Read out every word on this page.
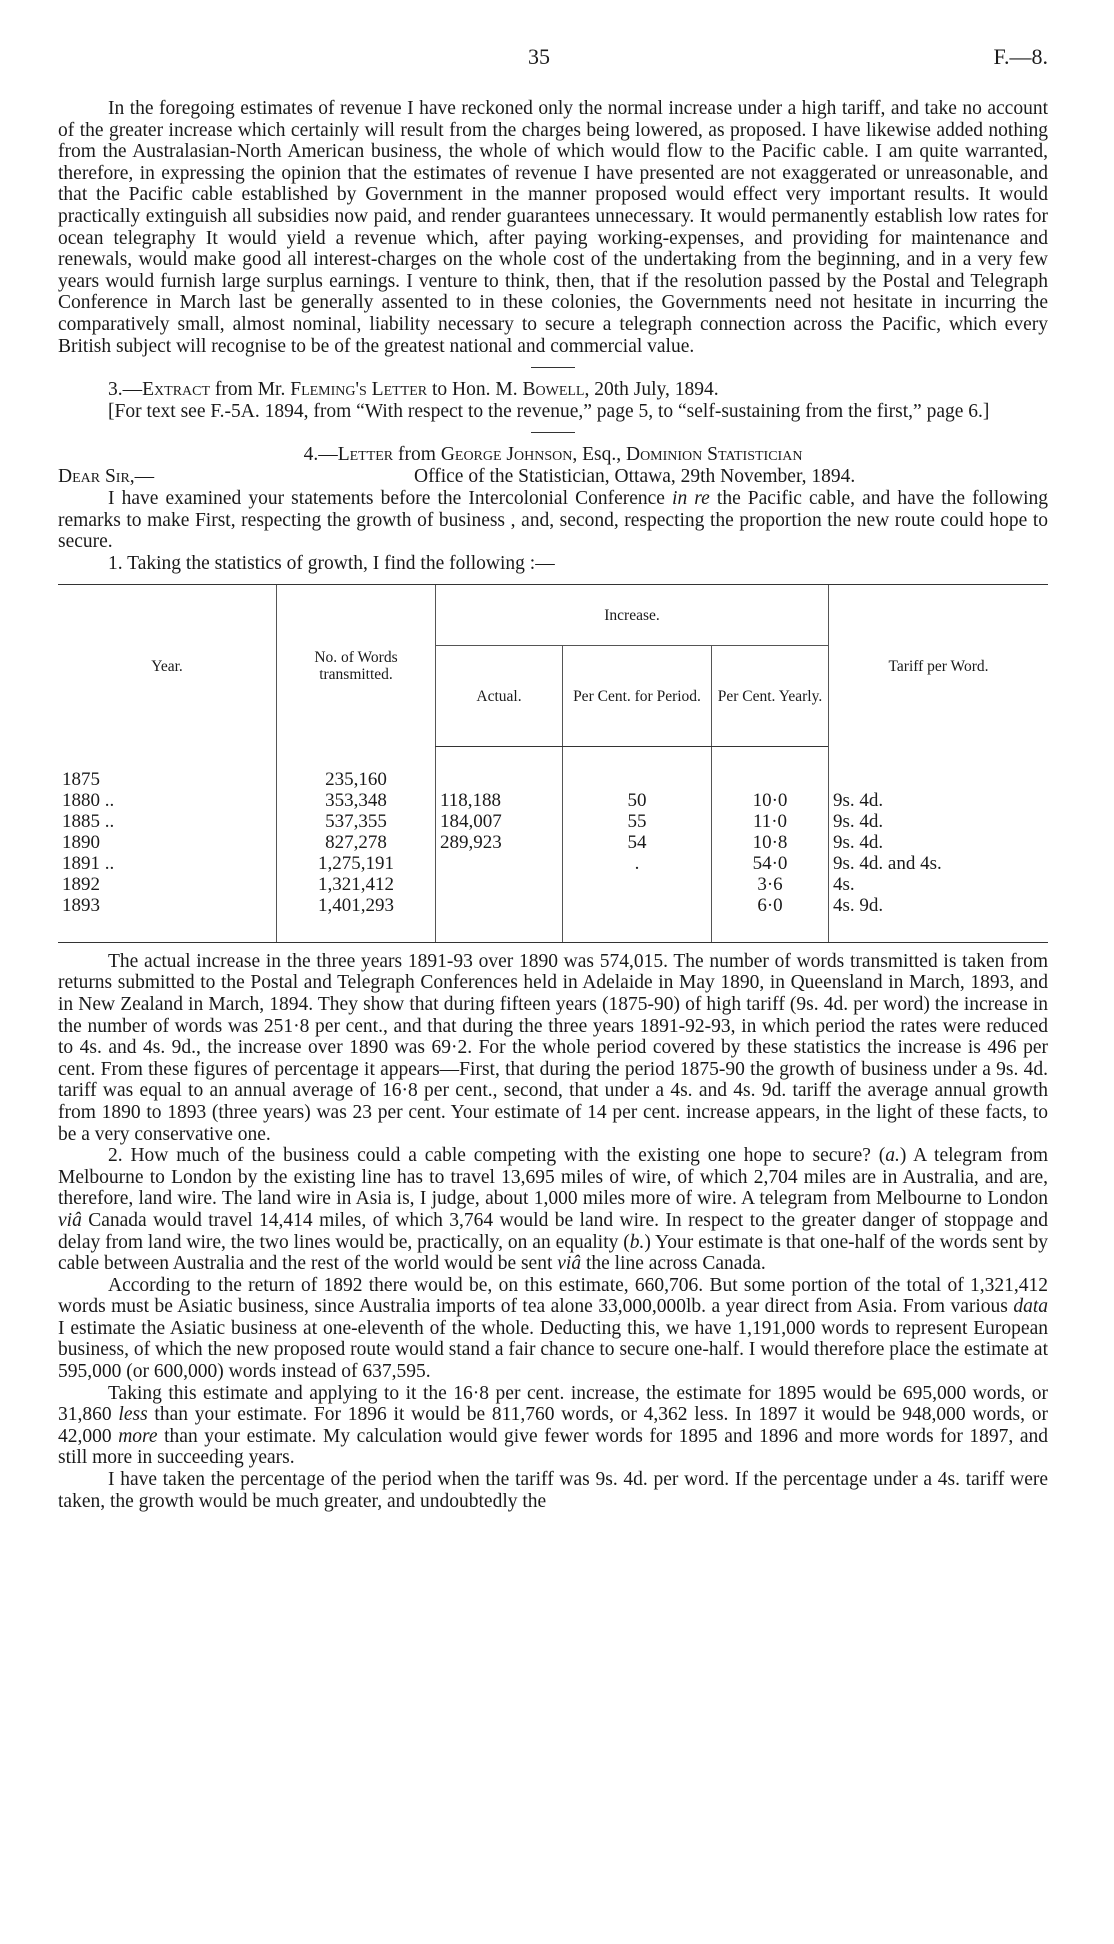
35	F.—8.

In the foregoing estimates of revenue I have reckoned only the normal increase under a high tariff, and take no account of the greater increase which certainly will result from the charges being lowered, as proposed. I have likewise added nothing from the Australasian-North American business, the whole of which would flow to the Pacific cable. I am quite warranted, therefore, in expressing the opinion that the estimates of revenue I have presented are not exaggerated or unreasonable, and that the Pacific cable established by Government in the manner proposed would effect very important results. It would practically extinguish all subsidies now paid, and render guarantees unnecessary. It would permanently establish low rates for ocean telegraphy It would yield a revenue which, after paying working-expenses, and providing for maintenance and renewals, would make good all interest-charges on the whole cost of the undertaking from the beginning, and in a very few years would furnish large surplus earnings. I venture to think, then, that if the resolution passed by the Postal and Telegraph Conference in March last be generally assented to in these colonies, the Governments need not hesitate in incurring the comparatively small, almost nominal, liability necessary to secure a telegraph connection across the Pacific, which every British subject will recognise to be of the greatest national and commercial value.

3.—Extract from Mr. Fleming's Letter to Hon. M. Bowell, 20th July, 1894.

[For text see F.-5A. 1894, from “With respect to the revenue,” page 5, to “self-sustaining from the first,” page 6.]

4.—Letter from George Johnson, Esq., Dominion Statistician

Dear Sir,—	Office of the Statistician, Ottawa, 29th November, 1894.

I have examined your statements before the Intercolonial Conference in re the Pacific cable, and have the following remarks to make First, respecting the growth of business , and, second, respecting the proportion the new route could hope to secure.

1. Taking the statistics of growth, I find the following :—

Year.	No. of Words transmitted.	Increase.			Tariff per Word.
		Actual.	Per Cent. for Period.	Per Cent. Yearly.	
1875	235,160				
1880 ..	353,348	118,188	50	10·0	9s. 4d.
1885 ..	537,355	184,007	55	11·0	9s. 4d.
1890	827,278	289,923	54	10·8	9s. 4d.
1891 ..	1,275,191		.	54·0	9s. 4d. and 4s.
1892	1,321,412			3·6	4s.
1893	1,401,293			6·0	4s. 9d.

The actual increase in the three years 1891-93 over 1890 was 574,015. The number of words transmitted is taken from returns submitted to the Postal and Telegraph Conferences held in Adelaide in May 1890, in Queensland in March, 1893, and in New Zealand in March, 1894. They show that during fifteen years (1875-90) of high tariff (9s. 4d. per word) the increase in the number of words was 251·8 per cent., and that during the three years 1891-92-93, in which period the rates were reduced to 4s. and 4s. 9d., the increase over 1890 was 69·2. For the whole period covered by these statistics the increase is 496 per cent. From these figures of percentage it appears—First, that during the period 1875-90 the growth of business under a 9s. 4d. tariff was equal to an annual average of 16·8 per cent., second, that under a 4s. and 4s. 9d. tariff the average annual growth from 1890 to 1893 (three years) was 23 per cent. Your estimate of 14 per cent. increase appears, in the light of these facts, to be a very conservative one.

2. How much of the business could a cable competing with the existing one hope to secure? (a.) A telegram from Melbourne to London by the existing line has to travel 13,695 miles of wire, of which 2,704 miles are in Australia, and are, therefore, land wire. The land wire in Asia is, I judge, about 1,000 miles more of wire. A telegram from Melbourne to London viâ Canada would travel 14,414 miles, of which 3,764 would be land wire. In respect to the greater danger of stoppage and delay from land wire, the two lines would be, practically, on an equality (b.) Your estimate is that one-half of the words sent by cable between Australia and the rest of the world would be sent viâ the line across Canada.

According to the return of 1892 there would be, on this estimate, 660,706. But some portion of the total of 1,321,412 words must be Asiatic business, since Australia imports of tea alone 33,000,000lb. a year direct from Asia. From various data I estimate the Asiatic business at one-eleventh of the whole. Deducting this, we have 1,191,000 words to represent European business, of which the new proposed route would stand a fair chance to secure one-half. I would therefore place the estimate at 595,000 (or 600,000) words instead of 637,595.

Taking this estimate and applying to it the 16·8 per cent. increase, the estimate for 1895 would be 695,000 words, or 31,860 less than your estimate. For 1896 it would be 811,760 words, or 4,362 less. In 1897 it would be 948,000 words, or 42,000 more than your estimate. My calculation would give fewer words for 1895 and 1896 and more words for 1897, and still more in succeeding years.

I have taken the percentage of the period when the tariff was 9s. 4d. per word. If the percentage under a 4s. tariff were taken, the growth would be much greater, and undoubtedly the
